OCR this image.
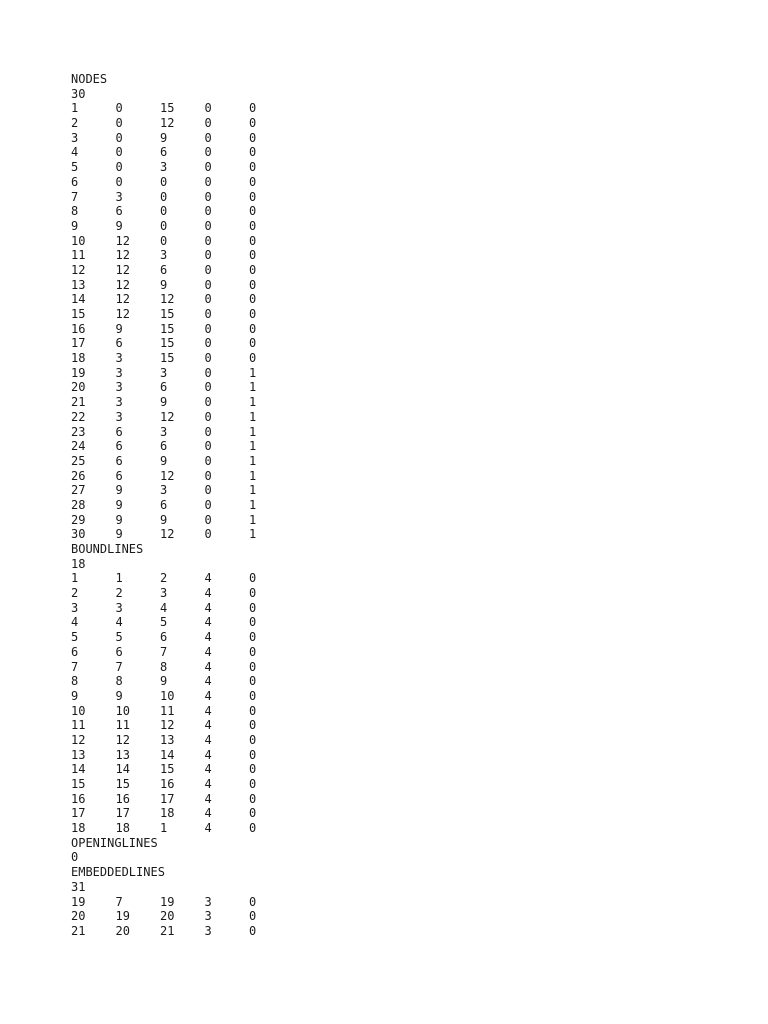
NODES
30
1	0	15	0	0
2	0	12	0	0
3	0	9	0	0
4	0	6	0	0
5	0	3	0	0
6	0	0	0	0
7	3	0	0	0
8	6	0	0	0
9	9	0	0	0
10	12	0	0	0
11	12	3	0	0
12	12	6	0	0
13	12	9	0	0
14	12	12	0	0
15	12	15	0	0
16	9	15	0	0
17	6	15	0	0
18	3	15	0	0
19	3	3	0	1
20	3	6	0	1
21	3	9	0	1
22	3	12	0	1
23	6	3	0	1
24	6	6	0	1
25	6	9	0	1
26	6	12	0	1
27	9	3	0	1
28	9	6	0	1
29	9	9	0	1
30	9	12	0	1
BOUNDLINES
18
1	1	2	4	0
2	2	3	4	0
3	3	4	4	0
4	4	5	4	0
5	5	6	4	0
6	6	7	4	0
7	7	8	4	0
8	8	9	4	0
9	9	10	4	0
10	10	11	4	0
11	11	12	4	0
12	12	13	4	0
13	13	14	4	0
14	14	15	4	0
15	15	16	4	0
16	16	17	4	0
17	17	18	4	0
18	18	1	4	0
OPENINGLINES
0
EMBEDDEDLINES
31
19	7	19	3	0
20	19	20	3	0
21	20	21	3	0
